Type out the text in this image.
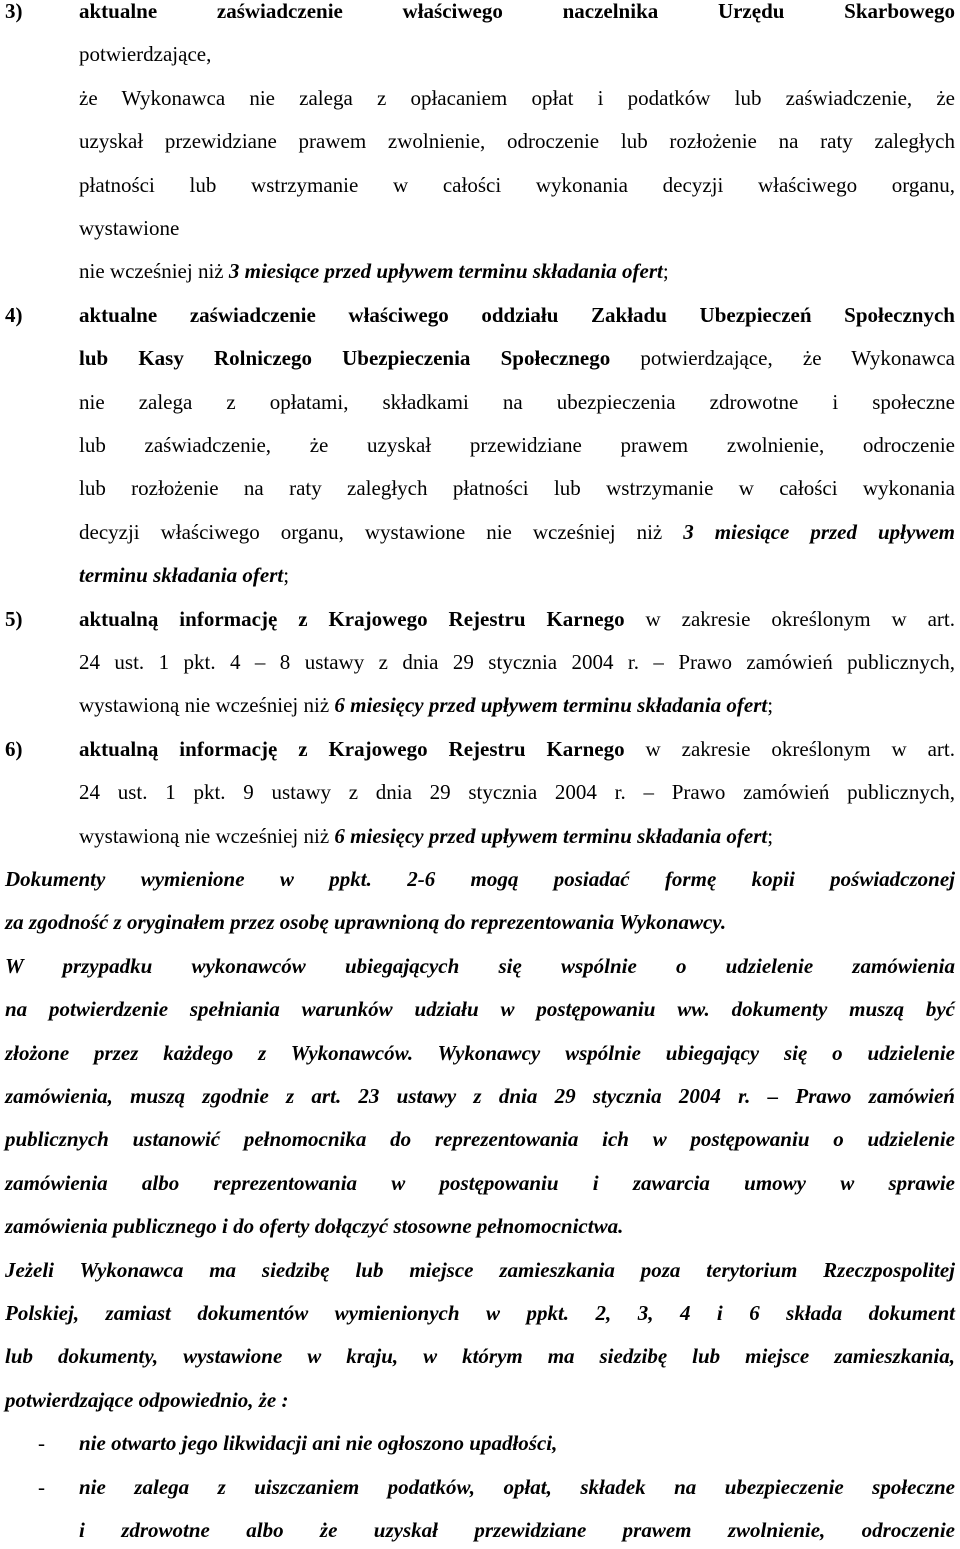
3)	aktualne zaświadczenie właściwego naczelnika Urzędu Skarbowego
potwierdzające,
że Wykonawca nie zalega z opłacaniem opłat i podatków lub zaświadczenie, że
uzyskał przewidziane prawem zwolnienie, odroczenie lub rozłożenie na raty zaległych
płatności lub wstrzymanie w całości wykonania decyzji właściwego organu,
wystawione
nie wcześniej niż 3 miesiące przed upływem terminu składania ofert;
4)	aktualne zaświadczenie właściwego oddziału Zakładu Ubezpieczeń Społecznych
lub Kasy Rolniczego Ubezpieczenia Społecznego potwierdzające, że Wykonawca
nie zalega z opłatami, składkami na ubezpieczenia zdrowotne i społeczne
lub zaświadczenie, że uzyskał przewidziane prawem zwolnienie, odroczenie
lub rozłożenie na raty zaległych płatności lub wstrzymanie w całości wykonania
decyzji właściwego organu, wystawione nie wcześniej niż 3 miesiące przed upływem
terminu składania ofert;
5)	aktualną informację z Krajowego Rejestru Karnego w zakresie określonym w art.
24 ust. 1 pkt. 4 – 8 ustawy z dnia 29 stycznia 2004 r. – Prawo zamówień publicznych,
wystawioną nie wcześniej niż 6 miesięcy przed upływem terminu składania ofert;
6)	aktualną informację z Krajowego Rejestru Karnego w zakresie określonym w art.
24 ust. 1 pkt. 9 ustawy z dnia 29 stycznia 2004 r. – Prawo zamówień publicznych,
wystawioną nie wcześniej niż 6 miesięcy przed upływem terminu składania ofert;
Dokumenty wymienione w ppkt. 2-6 mogą posiadać formę kopii poświadczonej
za zgodność z oryginałem przez osobę uprawnioną do reprezentowania Wykonawcy.
W przypadku wykonawców ubiegających się wspólnie o udzielenie zamówienia
na potwierdzenie spełniania warunków udziału w postępowaniu ww. dokumenty muszą być
złożone przez każdego z Wykonawców. Wykonawcy wspólnie ubiegający się o udzielenie
zamówienia, muszą zgodnie z art. 23 ustawy z dnia 29 stycznia 2004 r. – Prawo zamówień
publicznych ustanowić pełnomocnika do reprezentowania ich w postępowaniu o udzielenie
zamówienia albo reprezentowania w postępowaniu i zawarcia umowy w sprawie
zamówienia publicznego i do oferty dołączyć stosowne pełnomocnictwa.
Jeżeli Wykonawca ma siedzibę lub miejsce zamieszkania poza terytorium Rzeczpospolitej
Polskiej, zamiast dokumentów wymienionych w ppkt. 2, 3, 4 i 6 składa dokument
lub dokumenty, wystawione w kraju, w którym ma siedzibę lub miejsce zamieszkania,
potwierdzające odpowiednio, że :
-	nie otwarto jego likwidacji ani nie ogłoszono upadłości,
-	nie zalega z uiszczaniem podatków, opłat, składek na ubezpieczenie społeczne
i zdrowotne albo że uzyskał przewidziane prawem zwolnienie, odroczenie
